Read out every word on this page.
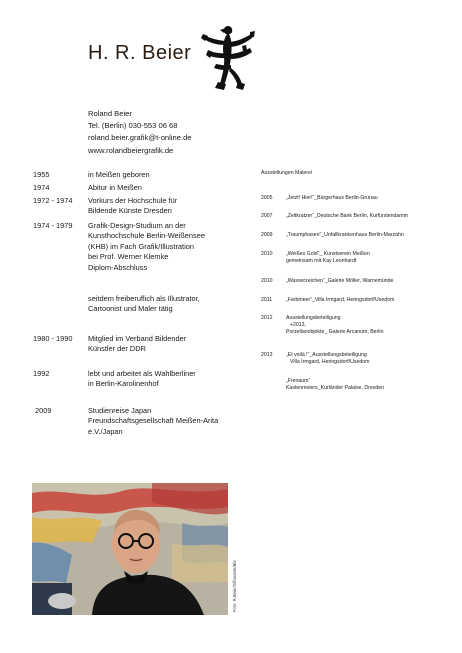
H. R. Beier
Roland Beier
Tel. (Berlin) 030-553 06 68
roland.beier.grafik@t-online.de
www.rolandbeiergrafik.de
1955	in Meißen geboren
1974	Abitur in Meißen
1972 - 1974 Vorkurs der Hochschule für
Bildende Künste Dresden
1974 - 1979 Grafik-Design-Studium an der
Kunsthochschule Berlin-Weißensee
(KHB) im Fach Grafik/Illustration
bei Prof. Werner Klemke
Diplom-Abschluss
seitdem freiberuflich als Illustrator,
Cartoonist und Maler tätig
1980 - 1990 Mitglied im Verband Bildender
Künstler der DDR
1992	lebt und arbeitet als Wahlberliner
in Berlin-Karolinenhof
2009	Studienreise Japan
Freundschaftsgesellschaft Meißen-Arita
e.V./Japan
Ausstellungen Malerei
2005	„Jetzt! Hier!“_Bürgerhaus Berlin-Grünau
2007	„Zeitkratzer“_Deutsche Bank Berlin, Kurfürstendamm
2009	„Traumphasen“_Unfallkrankenhaus Berlin-Marzahn
2010	„Weißes Gold“_ Kunstverein Meißen
gemeinsam mit Kay Leonhardt
2010	„Wasserzeichen“_Galerie Möller, Warnemünde
2011	„Farbmeer“_Villa Irmgard, Heringsdorf/Usedom
2012	Ausstellungsbeteiligung
+2013,
Porzellanobjekte_ Galerie Arcanum, Berlin
2013	„Et voilà !“_Ausstellungsbeteiligung
Villa Irmgard, Heringsdorf/Usedom
„Freiraum“
Kastenmeiers_Kurländer Palaise, Dresden
Foto: R.Beier/Silhouette/Bie
